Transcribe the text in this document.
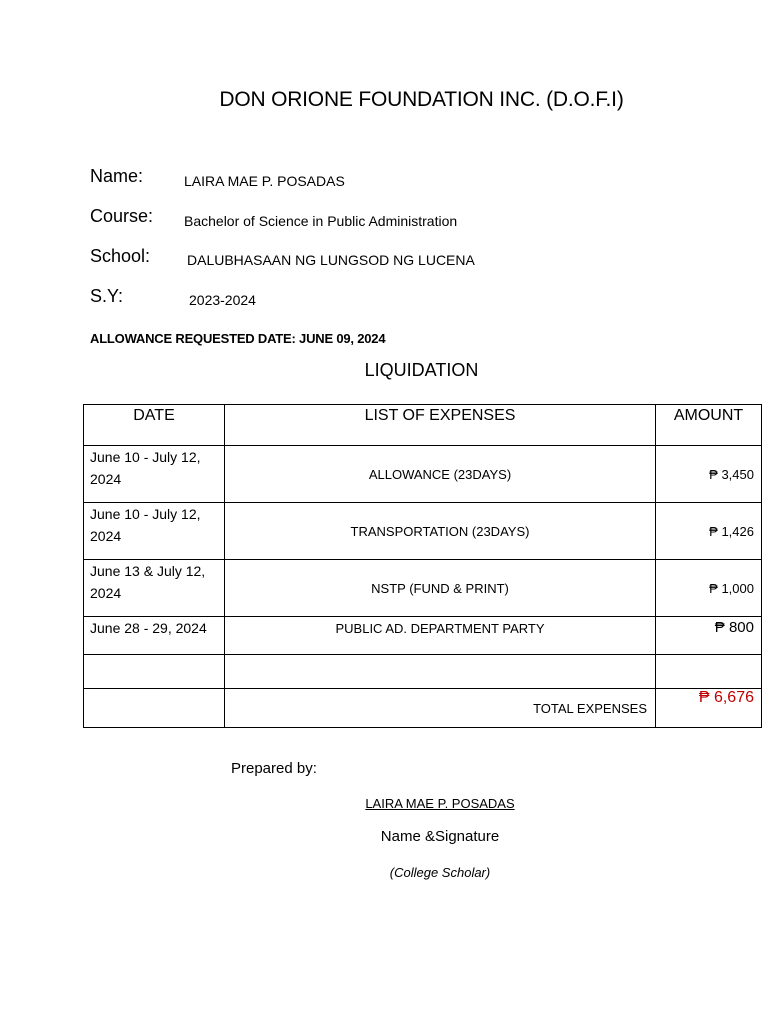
DON ORIONE FOUNDATION INC. (D.O.F.I)
Name:	LAIRA MAE P. POSADAS
Course: Bachelor of Science in Public Administration
School:	DALUBHASAAN NG LUNGSOD NG LUCENA
S.Y:	2023-2024
ALLOWANCE REQUESTED DATE: JUNE 09, 2024
LIQUIDATION
DATE	LIST OF EXPENSES	AMOUNT
June 10 - July 12, 2024	ALLOWANCE (23DAYS)	₱ 3,450
June 10 - July 12, 2024	TRANSPORTATION (23DAYS)	₱ 1,426
June 13 & July 12, 2024	NSTP (FUND & PRINT)	₱ 1,000
June 28 - 29, 2024	PUBLIC AD. DEPARTMENT PARTY	₱ 800

	TOTAL EXPENSES	₱ 6,676
Prepared by:
LAIRA MAE P. POSADAS
Name &Signature
(College Scholar)
